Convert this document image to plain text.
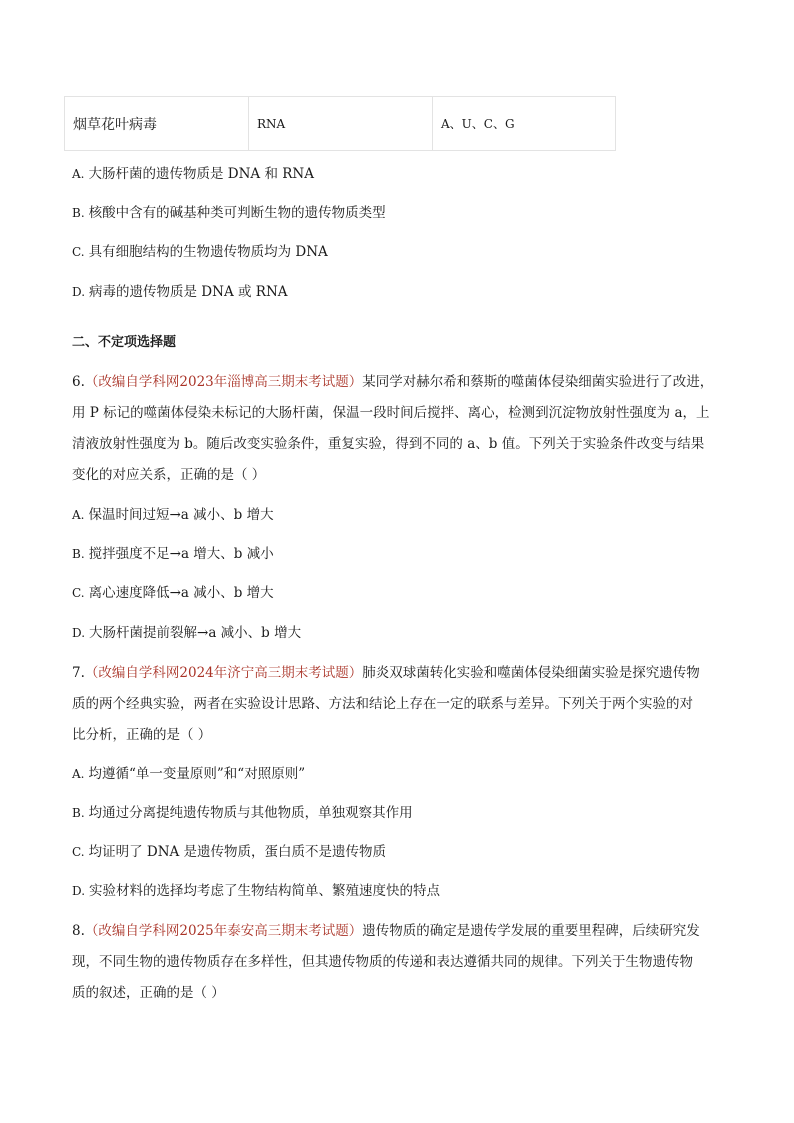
烟草花叶病毒	RNA	A、U、C、G
A. 大肠杆菌的遗传物质是 DNA 和 RNA
B. 核酸中含有的碱基种类可判断生物的遗传物质类型
C. 具有细胞结构的生物遗传物质均为 DNA
D. 病毒的遗传物质是 DNA 或 RNA
二、不定项选择题
6.（改编自学科网2023年淄博高三期末考试题）某同学对赫尔希和蔡斯的噬菌体侵染细菌实验进行了改进，
用 P 标记的噬菌体侵染未标记的大肠杆菌，保温一段时间后搅拌、离心，检测到沉淀物放射性强度为 a，上
清液放射性强度为 b。随后改变实验条件，重复实验，得到不同的 a、b 值。下列关于实验条件改变与结果
变化的对应关系，正确的是（ ）
A. 保温时间过短→a 减小、b 增大
B. 搅拌强度不足→a 增大、b 减小
C. 离心速度降低→a 减小、b 增大
D. 大肠杆菌提前裂解→a 减小、b 增大
7.（改编自学科网2024年济宁高三期末考试题）肺炎双球菌转化实验和噬菌体侵染细菌实验是探究遗传物
质的两个经典实验，两者在实验设计思路、方法和结论上存在一定的联系与差异。下列关于两个实验的对
比分析，正确的是（ ）
A. 均遵循“单一变量原则”和“对照原则”
B. 均通过分离提纯遗传物质与其他物质，单独观察其作用
C. 均证明了 DNA 是遗传物质，蛋白质不是遗传物质
D. 实验材料的选择均考虑了生物结构简单、繁殖速度快的特点
8.（改编自学科网2025年泰安高三期末考试题）遗传物质的确定是遗传学发展的重要里程碑，后续研究发
现，不同生物的遗传物质存在多样性，但其遗传物质的传递和表达遵循共同的规律。下列关于生物遗传物
质的叙述，正确的是（ ）
